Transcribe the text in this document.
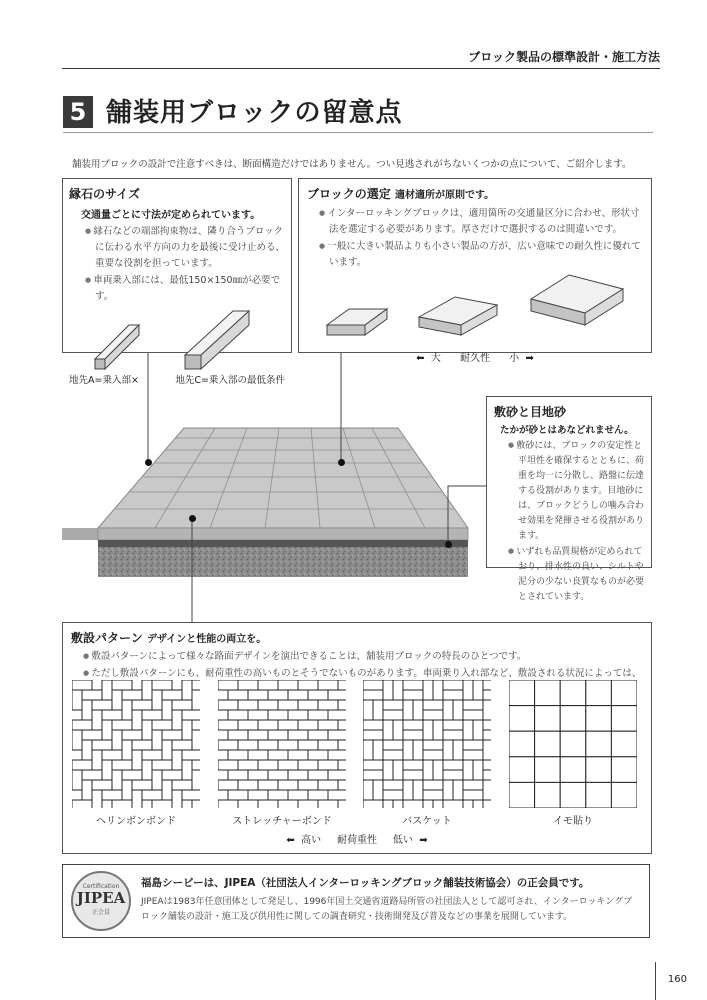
ブロック製品の標準設計・施工方法
5 舗装用ブロックの留意点
舗装用ブロックの設計で注意すべきは、断面構造だけではありません。つい見逃されがちないくつかの点について、ご紹介します。
縁石のサイズ
交通量ごとに寸法が定められています。
● 縁石などの端部拘束物は、隣り合うブロックに伝わる水平方向の力を最後に受け止める、重要な役割を担っています。
● 車両乗入部には、最低150×150㎜が必要です。
地先A=乗入部×	地先C=乗入部の最低条件
ブロックの選定 適材適所が原則です。
● インターロッキングブロックは、適用箇所の交通量区分に合わせ、形状寸法を選定する必要があります。厚さだけで選択するのは間違いです。
● 一般に大きい製品よりも小さい製品の方が、広い意味での耐久性に優れています。
⬅ 大 耐久性 小 ➡
敷砂と目地砂
たかが砂とはあなどれません。
● 敷砂には、ブロックの安定性と平坦性を確保するとともに、荷重を均一に分散し、路盤に伝達する役割があります。目地砂には、ブロックどうしの噛み合わせ効果を発揮させる役割があります。
● いずれも品質規格が定められており、排水性の良い、シルトや泥分の少ない良質なものが必要とされています。
敷設パターン デザインと性能の両立を。
● 敷設パターンによって様々な路面デザインを演出できることは、舗装用ブロックの特長のひとつです。
● ただし敷設パターンにも、耐荷重性の高いものとそうでないものがあります。車両乗り入れ部など、敷設される状況によっては、
ヘリンボンボンド	ストレッチャーボンド	バスケット	イモ貼り
⬅ 高い 耐荷重性 低い ➡
Certification
JIPEA
正会員
福島シービーは、JIPEA（社団法人インターロッキングブロック舗装技術協会）の正会員です。
JIPEAは1983年任意団体として発足し、1996年国土交通省道路局所管の社団法人として認可され、インターロッキングブロック舗装の設計・施工及び供用性に関しての調査研究・技術開発及び普及などの事業を展開しています。
160
